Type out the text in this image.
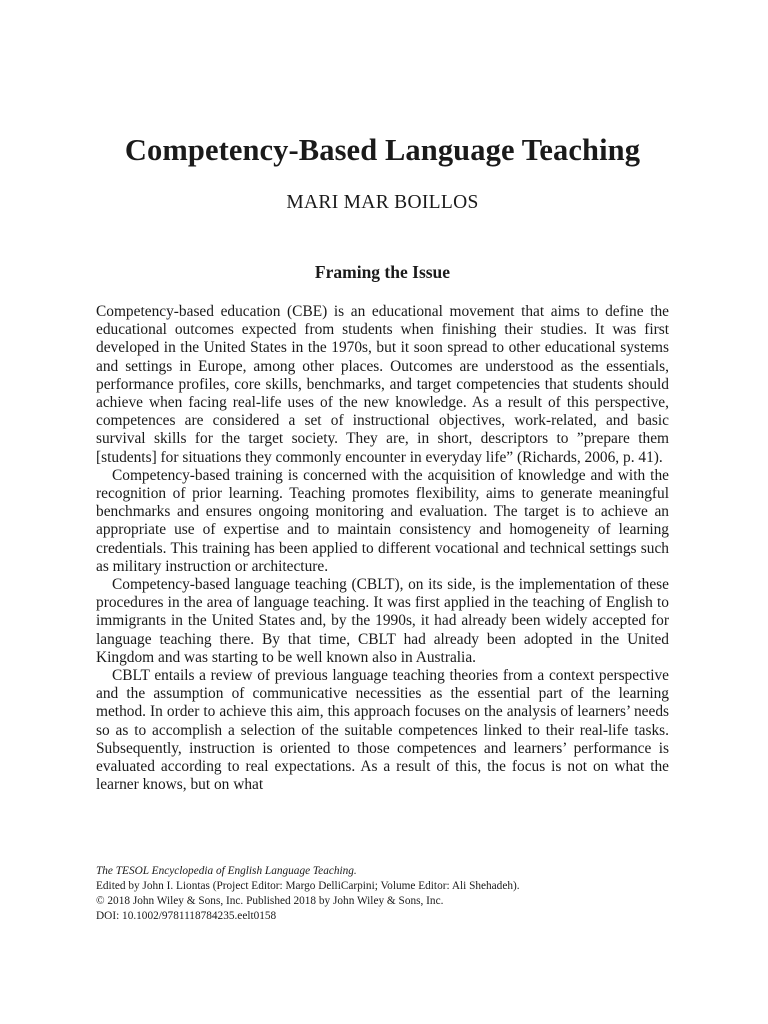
Competency-Based Language Teaching
MARI MAR BOILLOS
Framing the Issue

Competency-based education (CBE) is an educational movement that aims to define the educational outcomes expected from students when finishing their studies. It was first developed in the United States in the 1970s, but it soon spread to other educational systems and settings in Europe, among other places. Outcomes are understood as the essentials, performance profiles, core skills, benchmarks, and target competencies that students should achieve when facing real-life uses of the new knowledge. As a result of this perspective, competences are considered a set of instructional objectives, work-related, and basic survival skills for the target society. They are, in short, descriptors to ”prepare them [students] for situations they commonly encounter in everyday life” (Richards, 2006, p. 41).

Competency-based training is concerned with the acquisition of knowledge and with the recognition of prior learning. Teaching promotes flexibility, aims to generate meaningful benchmarks and ensures ongoing monitoring and evaluation. The target is to achieve an appropriate use of expertise and to maintain consistency and homogeneity of learning credentials. This training has been applied to different vocational and technical settings such as military instruction or architecture.

Competency-based language teaching (CBLT), on its side, is the implementation of these procedures in the area of language teaching. It was first applied in the teaching of English to immigrants in the United States and, by the 1990s, it had already been widely accepted for language teaching there. By that time, CBLT had already been adopted in the United Kingdom and was starting to be well known also in Australia.

CBLT entails a review of previous language teaching theories from a context perspective and the assumption of communicative necessities as the essential part of the learning method. In order to achieve this aim, this approach focuses on the analysis of learners’ needs so as to accomplish a selection of the suitable competences linked to their real-life tasks. Subsequently, instruction is oriented to those competences and learners’ performance is evaluated according to real expectations. As a result of this, the focus is not on what the learner knows, but on what

The TESOL Encyclopedia of English Language Teaching.
Edited by John I. Liontas (Project Editor: Margo DelliCarpini; Volume Editor: Ali Shehadeh).
© 2018 John Wiley & Sons, Inc. Published 2018 by John Wiley & Sons, Inc.
DOI: 10.1002/9781118784235.eelt0158
